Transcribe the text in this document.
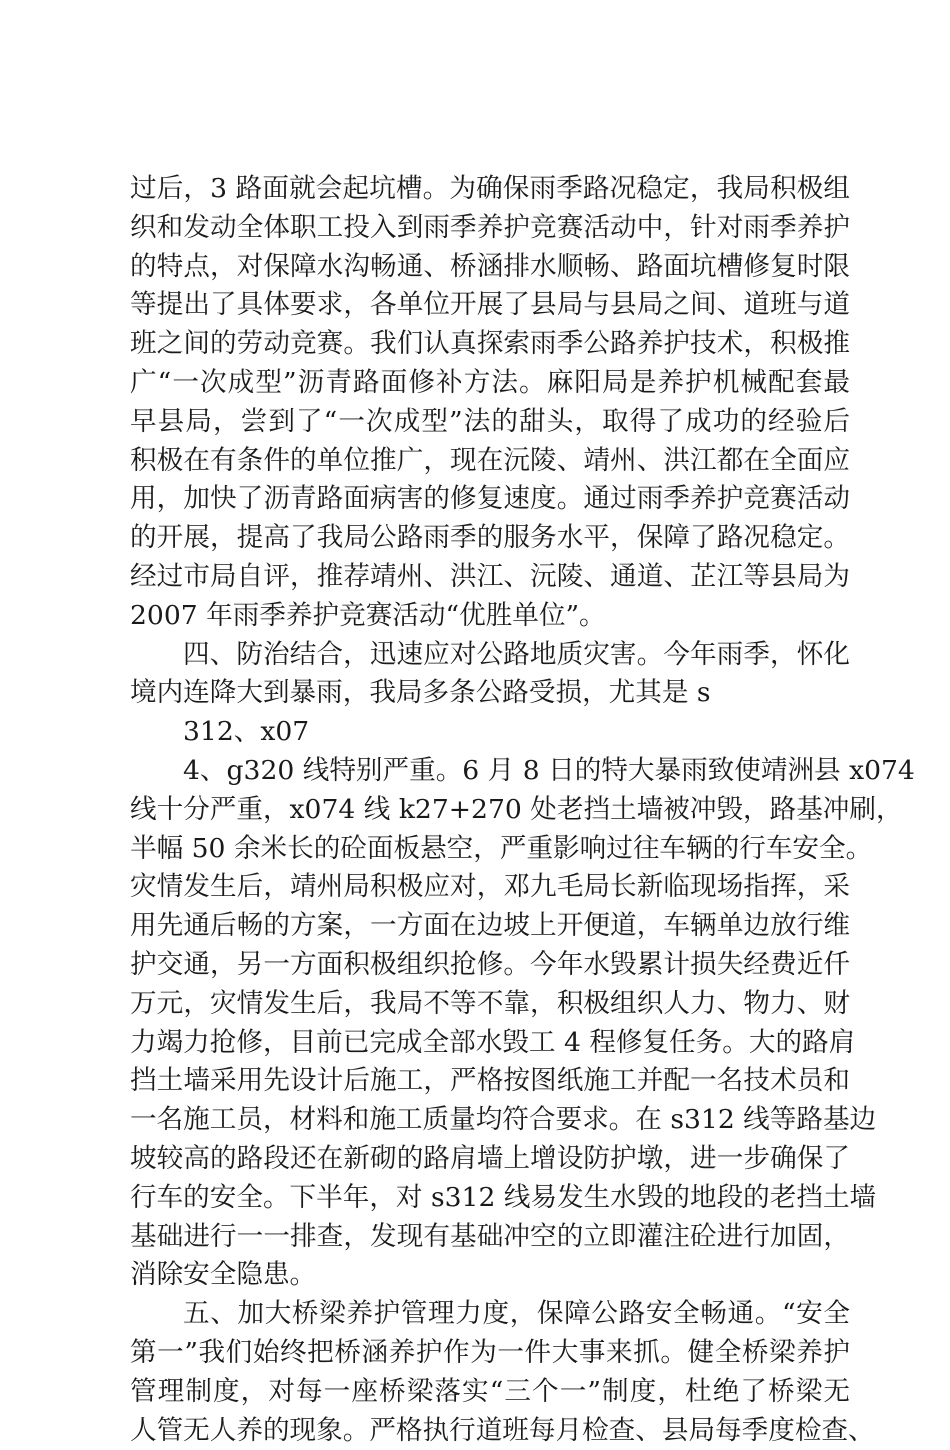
过后，3 路面就会起坑槽。为确保雨季路况稳定，我局积极组
织和发动全体职工投入到雨季养护竞赛活动中，针对雨季养护
的特点，对保障水沟畅通、桥涵排水顺畅、路面坑槽修复时限
等提出了具体要求，各单位开展了县局与县局之间、道班与道
班之间的劳动竞赛。我们认真探索雨季公路养护技术，积极推
广“一次成型”沥青路面修补方法。麻阳局是养护机械配套最
早县局，尝到了“一次成型”法的甜头，取得了成功的经验后
积极在有条件的单位推广，现在沅陵、靖州、洪江都在全面应
用，加快了沥青路面病害的修复速度。通过雨季养护竞赛活动
的开展，提高了我局公路雨季的服务水平，保障了路况稳定。
经过市局自评，推荐靖州、洪江、沅陵、通道、芷江等县局为
2007 年雨季养护竞赛活动“优胜单位”。
四、防治结合，迅速应对公路地质灾害。今年雨季，怀化
境内连降大到暴雨，我局多条公路受损，尤其是 s
312、x07
4、g320 线特别严重。6 月 8 日的特大暴雨致使靖洲县 x074
线十分严重，x074 线 k27+270 处老挡土墙被冲毁，路基冲刷，
半幅 50 余米长的砼面板悬空，严重影响过往车辆的行车安全。
灾情发生后，靖州局积极应对，邓九毛局长新临现场指挥，采
用先通后畅的方案，一方面在边坡上开便道，车辆单边放行维
护交通，另一方面积极组织抢修。今年水毁累计损失经费近仟
万元，灾情发生后，我局不等不靠，积极组织人力、物力、财
力竭力抢修，目前已完成全部水毁工 4 程修复任务。大的路肩
挡土墙采用先设计后施工，严格按图纸施工并配一名技术员和
一名施工员，材料和施工质量均符合要求。在 s312 线等路基边
坡较高的路段还在新砌的路肩墙上增设防护墩，进一步确保了
行车的安全。下半年，对 s312 线易发生水毁的地段的老挡土墙
基础进行一一排查，发现有基础冲空的立即灌注砼进行加固，
消除安全隐患。
五、加大桥梁养护管理力度，保障公路安全畅通。“安全
第一”我们始终把桥涵养护作为一件大事来抓。健全桥梁养护
管理制度，对每一座桥梁落实“三个一”制度，杜绝了桥梁无
人管无人养的现象。严格执行道班每月检查、县局每季度检查、
